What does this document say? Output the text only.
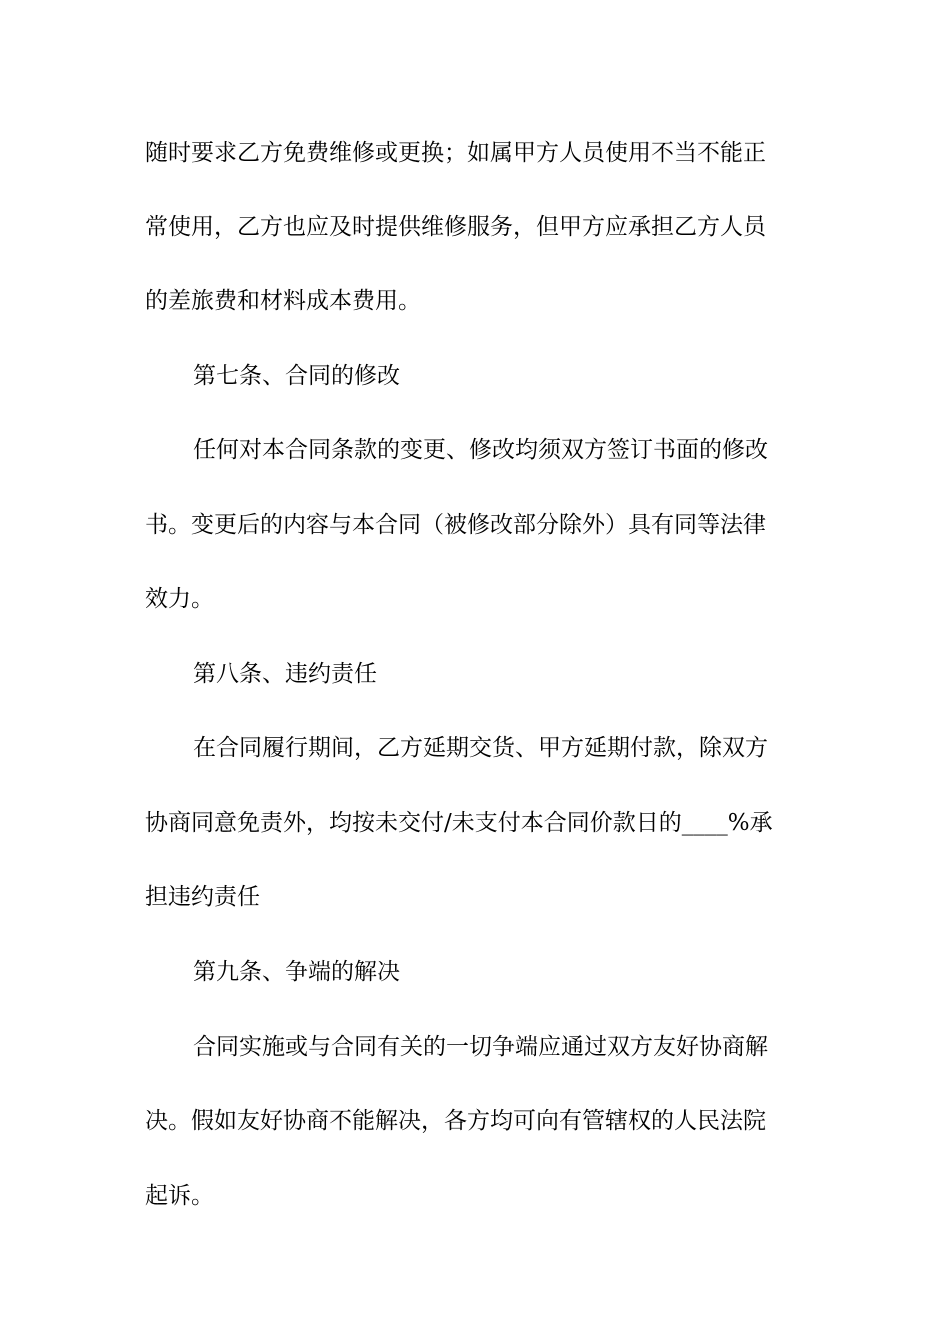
随时要求乙方免费维修或更换；如属甲方人员使用不当不能正
常使用，乙方也应及时提供维修服务，但甲方应承担乙方人员
的差旅费和材料成本费用。
第七条、合同的修改
任何对本合同条款的变更、修改均须双方签订书面的修改
书。变更后的内容与本合同（被修改部分除外）具有同等法律
效力。
第八条、违约责任
在合同履行期间，乙方延期交货、甲方延期付款，除双方
协商同意免责外，均按未交付/未支付本合同价款日的____%承
担违约责任
第九条、争端的解决
合同实施或与合同有关的一切争端应通过双方友好协商解
决。假如友好协商不能解决，各方均可向有管辖权的人民法院
起诉。
